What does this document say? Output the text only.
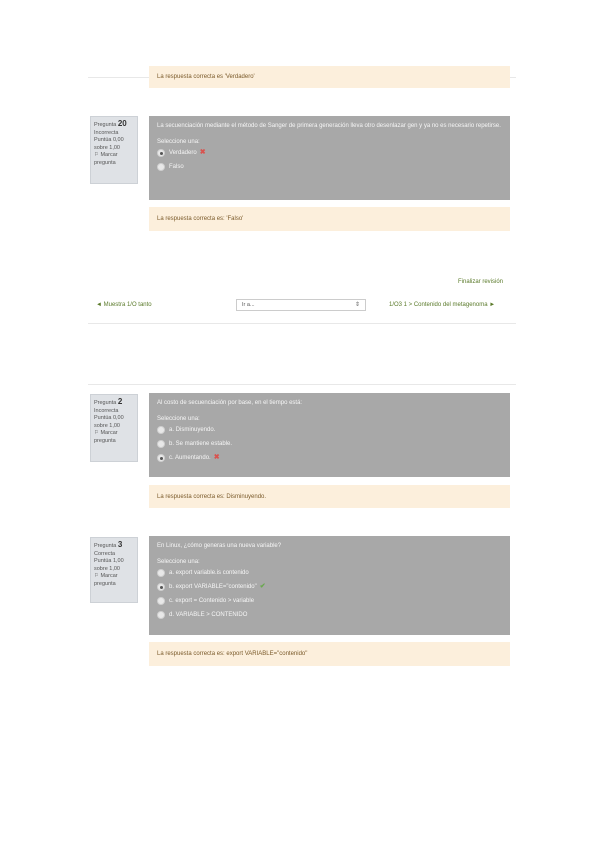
La respuesta correcta es 'Verdadero'
Pregunta 20
Incorrecta
Puntúa 0,00 sobre 1,00
⚐ Marcar pregunta
La secuenciación mediante el método de Sanger de primera generación lleva otro desenlazar gen y ya no es necesario repetirse.
Seleccione una:
Verdadero ✖
Falso
La respuesta correcta es: 'Falso'
Finalizar revisión
◄ Muestra 1/O tanto	Ir a...	⇕	1/O3 1 > Contenido del metagenoma ►
Pregunta 2
Incorrecta
Puntúa 0,00 sobre 1,00
⚐ Marcar pregunta
Al costo de secuenciación por base, en el tiempo está:
Seleccione una:
a. Disminuyendo.
b. Se mantiene estable.
c. Aumentando. ✖
La respuesta correcta es: Disminuyendo.
Pregunta 3
Correcta
Puntúa 1,00 sobre 1,00
⚐ Marcar pregunta
En Linux, ¿cómo generas una nueva variable?
Seleccione una:
a. export variable.is contenido
b. export VARIABLE="contenido" ✔
c. export = Contenido > variable
d. VARIABLE > CONTENIDO
La respuesta correcta es: export VARIABLE="contenido"
